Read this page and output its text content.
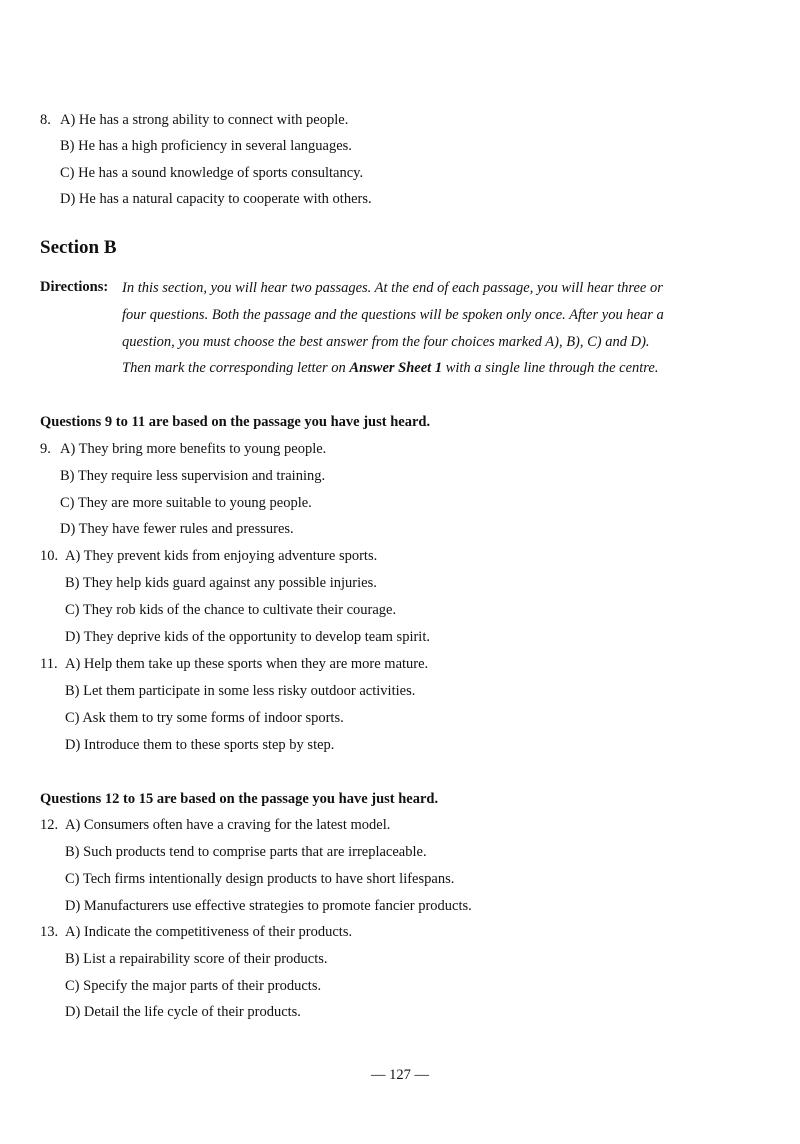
8. A) He has a strong ability to connect with people.
B) He has a high proficiency in several languages.
C) He has a sound knowledge of sports consultancy.
D) He has a natural capacity to cooperate with others.
Section B
Directions: In this section, you will hear two passages. At the end of each passage, you will hear three or
four questions. Both the passage and the questions will be spoken only once. After you hear a
question, you must choose the best answer from the four choices marked A), B), C) and D).
Then mark the corresponding letter on Answer Sheet 1 with a single line through the centre.
Questions 9 to 11 are based on the passage you have just heard.
9. A) They bring more benefits to young people.
B) They require less supervision and training.
C) They are more suitable to young people.
D) They have fewer rules and pressures.
10. A) They prevent kids from enjoying adventure sports.
B) They help kids guard against any possible injuries.
C) They rob kids of the chance to cultivate their courage.
D) They deprive kids of the opportunity to develop team spirit.
11. A) Help them take up these sports when they are more mature.
B) Let them participate in some less risky outdoor activities.
C) Ask them to try some forms of indoor sports.
D) Introduce them to these sports step by step.
Questions 12 to 15 are based on the passage you have just heard.
12. A) Consumers often have a craving for the latest model.
B) Such products tend to comprise parts that are irreplaceable.
C) Tech firms intentionally design products to have short lifespans.
D) Manufacturers use effective strategies to promote fancier products.
13. A) Indicate the competitiveness of their products.
B) List a repairability score of their products.
C) Specify the major parts of their products.
D) Detail the life cycle of their products.
— 127 —
